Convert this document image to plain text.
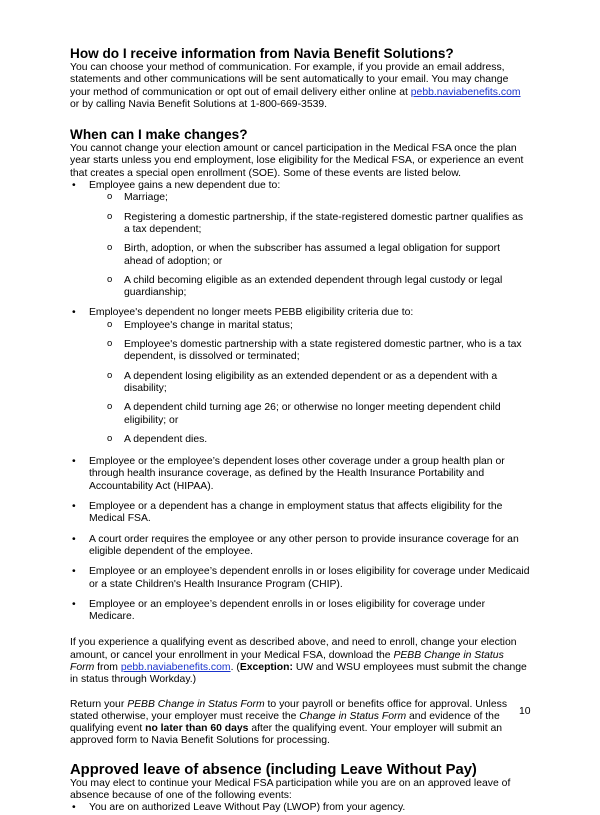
How do I receive information from Navia Benefit Solutions?

You can choose your method of communication. For example, if you provide an email address, statements and other communications will be sent automatically to your email. You may change your method of communication or opt out of email delivery either online at pebb.naviabenefits.com or by calling Navia Benefit Solutions at 1-800-669-3539.

When can I make changes?

You cannot change your election amount or cancel participation in the Medical FSA once the plan year starts unless you end employment, lose eligibility for the Medical FSA, or experience an event that creates a special open enrollment (SOE). Some of these events are listed below.

• Employee gains a new dependent due to:
o Marriage;
o Registering a domestic partnership, if the state-registered domestic partner qualifies as a tax dependent;
o Birth, adoption, or when the subscriber has assumed a legal obligation for support ahead of adoption; or
o A child becoming eligible as an extended dependent through legal custody or legal guardianship;
• Employee's dependent no longer meets PEBB eligibility criteria due to:
o Employee's change in marital status;
o Employee's domestic partnership with a state registered domestic partner, who is a tax dependent, is dissolved or terminated;
o A dependent losing eligibility as an extended dependent or as a dependent with a disability;
o A dependent child turning age 26; or otherwise no longer meeting dependent child eligibility; or
o A dependent dies.
• Employee or the employee’s dependent loses other coverage under a group health plan or through health insurance coverage, as defined by the Health Insurance Portability and Accountability Act (HIPAA).
• Employee or a dependent has a change in employment status that affects eligibility for the Medical FSA.
• A court order requires the employee or any other person to provide insurance coverage for an eligible dependent of the employee.
• Employee or an employee’s dependent enrolls in or loses eligibility for coverage under Medicaid or a state Children's Health Insurance Program (CHIP).
• Employee or an employee’s dependent enrolls in or loses eligibility for coverage under Medicare.

If you experience a qualifying event as described above, and need to enroll, change your election amount, or cancel your enrollment in your Medical FSA, download the PEBB Change in Status Form from pebb.naviabenefits.com. (Exception: UW and WSU employees must submit the change in status through Workday.)

Return your PEBB Change in Status Form to your payroll or benefits office for approval. Unless stated otherwise, your employer must receive the Change in Status Form and evidence of the qualifying event no later than 60 days after the qualifying event. Your employer will submit an approved form to Navia Benefit Solutions for processing.

Approved leave of absence (including Leave Without Pay)

You may elect to continue your Medical FSA participation while you are on an approved leave of absence because of one of the following events:

• You are on authorized Leave Without Pay (LWOP) from your agency.
10
